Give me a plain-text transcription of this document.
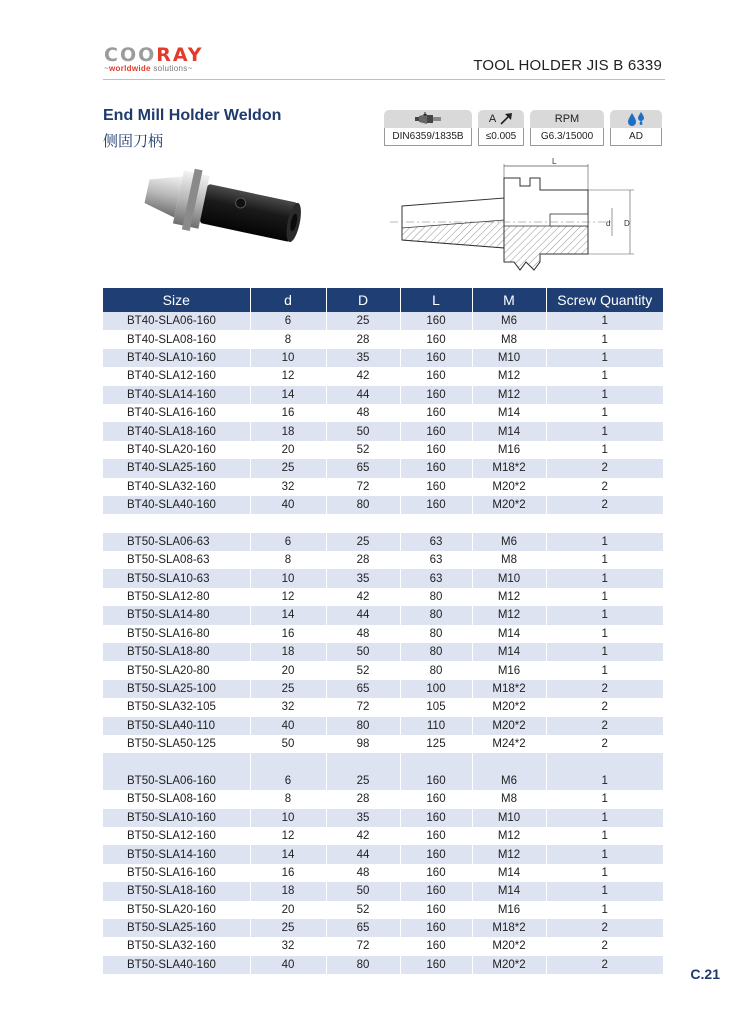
COORAY
~worldwide solutions~	TOOL HOLDER JIS B 6339
End Mill Holder Weldon
侧固刀柄	DIN6359/1835B
A
≤0.005
RPM
G6.3/15000	AD
L
d D
Size	d	D	L	M	Screw Quantity
BT40-SLA06-160	6	25	160	M6	1
BT40-SLA08-160	8	28	160	M8	1
BT40-SLA10-160	10	35	160	M10	1
BT40-SLA12-160	12	42	160	M12	1
BT40-SLA14-160	14	44	160	M12	1
BT40-SLA16-160	16	48	160	M14	1
BT40-SLA18-160	18	50	160	M14	1
BT40-SLA20-160	20	52	160	M16	1
BT40-SLA25-160	25	65	160	M18*2	2
BT40-SLA32-160	32	72	160	M20*2	2
BT40-SLA40-160	40	80	160	M20*2	2

BT50-SLA06-63	6	25	63	M6	1
BT50-SLA08-63	8	28	63	M8	1
BT50-SLA10-63	10	35	63	M10	1
BT50-SLA12-80	12	42	80	M12	1
BT50-SLA14-80	14	44	80	M12	1
BT50-SLA16-80	16	48	80	M14	1
BT50-SLA18-80	18	50	80	M14	1
BT50-SLA20-80	20	52	80	M16	1
BT50-SLA25-100	25	65	100	M18*2	2
BT50-SLA32-105	32	72	105	M20*2	2
BT50-SLA40-110	40	80	110	M20*2	2
BT50-SLA50-125	50	98	125	M24*2	2

BT50-SLA06-160	6	25	160	M6	1
BT50-SLA08-160	8	28	160	M8	1
BT50-SLA10-160	10	35	160	M10	1
BT50-SLA12-160	12	42	160	M12	1
BT50-SLA14-160	14	44	160	M12	1
BT50-SLA16-160	16	48	160	M14	1
BT50-SLA18-160	18	50	160	M14	1
BT50-SLA20-160	20	52	160	M16	1
BT50-SLA25-160	25	65	160	M18*2	2
BT50-SLA32-160	32	72	160	M20*2	2
BT50-SLA40-160	40	80	160	M20*2	2
C.21
